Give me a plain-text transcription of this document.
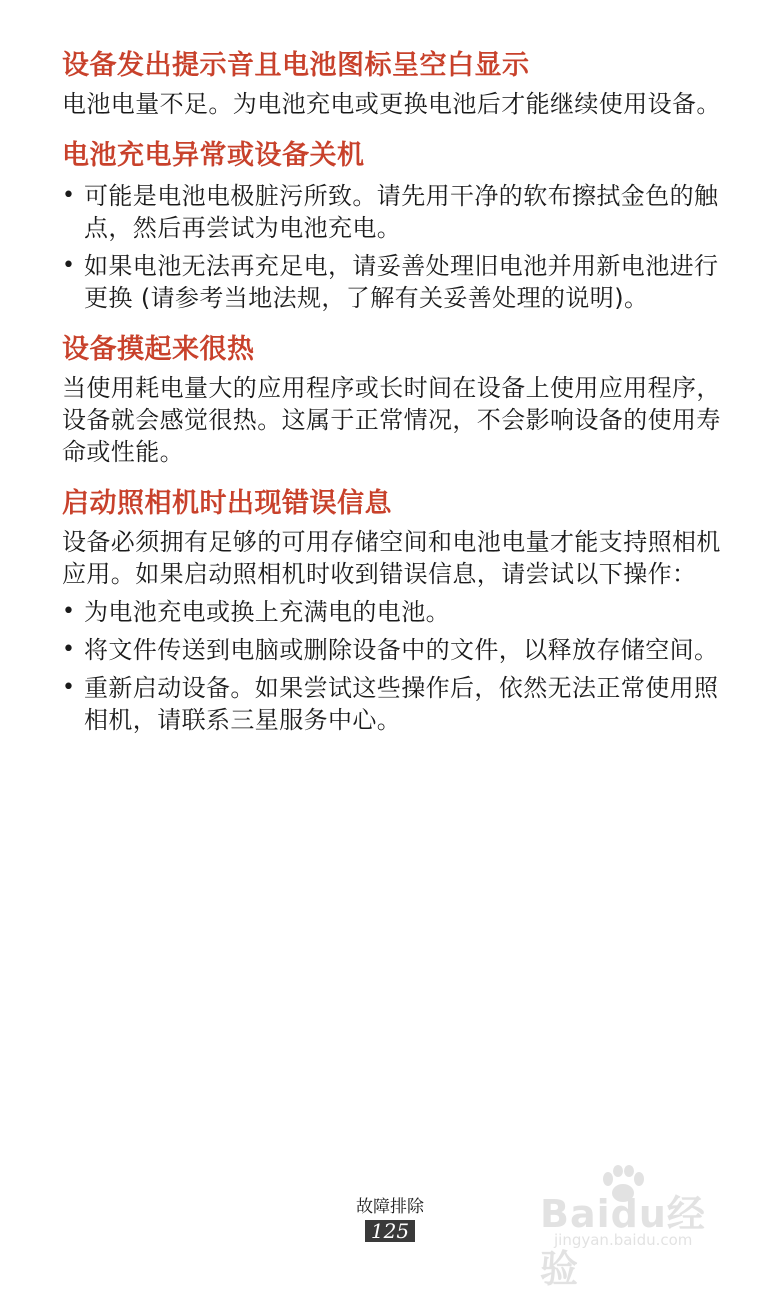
设备发出提示音且电池图标呈空白显示

电池电量不足。为电池充电或更换电池后才能继续使用设备。

电池充电异常或设备关机
• 可能是电池电极脏污所致。请先用干净的软布擦拭金色的触点，然后再尝试为电池充电。
• 如果电池无法再充足电，请妥善处理旧电池并用新电池进行更换 (请参考当地法规，了解有关妥善处理的说明)。
设备摸起来很热

当使用耗电量大的应用程序或长时间在设备上使用应用程序，设备就会感觉很热。这属于正常情况，不会影响设备的使用寿命或性能。

启动照相机时出现错误信息

设备必须拥有足够的可用存储空间和电池电量才能支持照相机应用。如果启动照相机时收到错误信息，请尝试以下操作：

• 为电池充电或换上充满电的电池。
• 将文件传送到电脑或删除设备中的文件，以释放存储空间。
• 重新启动设备。如果尝试这些操作后，依然无法正常使用照相机，请联系三星服务中心。
故障排除
125	Baidu经验
jingyan.baidu.com
